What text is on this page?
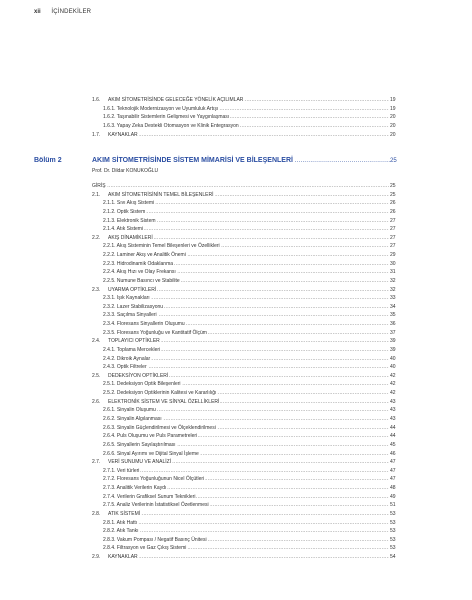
xii İÇİNDEKİLER
1.6. ..... AKIM SİTOMETRİSİNDE GELECEĞE YÖNELİK AÇILIMLAR	19
.....
1.6.1. Teknolojik Modernizasyon ve Uyumluluk Artışı	19
.....
1.6.2. Taşınabilir Sistemlerin Gelişmesi ve Yaygınlaşması	20
.....
1.6.3. Yapay Zeka Destekli Otomasyon ve Klinik Entegrasyon	20
1.7. ..... KAYNAKLAR	20
Bölüm 2 .....	AKIM SİTOMETRİSİNDE SİSTEM MİMARİSİ VE BİLEŞENLERİ	25
Prof. Dr. Dildar KONUKOĞLU
.....
GİRİŞ	25
2.1. ..... AKIM SİTOMETRİSİNİN TEMEL BİLEŞENLERİ	25
.....
2.1.1. Sıvı Akış Sistemi	26
.....
2.1.2. Optik Sistem	26
.....
2.1.3. Elektronik Sistem	27
.....
2.1.4. Atık Sistemi	27
2.2. ..... AKIŞ DİNAMİKLERİ	27
.....
2.2.1. Akış Sisteminin Temel Bileşenleri ve Özellikleri	27
.....
2.2.2. Laminer Akış ve Analitik Önemi	29
.....
2.2.3. Hidrodinamik Odaklanma	30
.....
2.2.4. Akış Hızı ve Olay Frekansı	31
.....
2.2.5. Numune Basıncı ve Stabilite	32
2.3. ..... UYARMA OPTİKLERİ	32
.....
2.3.1. Işık Kaynakları	33
.....
2.3.2. Lazer Stabilizasyonu	34
.....
2.3.3. Saçılma Sinyalleri	35
.....
2.3.4. Floresans Sinyallerin Oluşumu	36
.....
2.3.5. Floresans Yoğunluğu ve Kantitatif Ölçüm	37
2.4. ..... TOPLAYICI OPTİKLER	39
.....
2.4.1. Toplama Mercekleri	39
.....
2.4.2. Dikroik Aynalar	40
.....
2.4.3. Optik Filtreler	40
2.5. ..... DEDEKSİYON OPTİKLERİ	42
.....
2.5.1. Dedeksiyon Optik Bileşenleri	42
.....
2.5.2. Dedeksiyon Optiklerinin Kalitesi ve Kararlılığı	42
2.6. ..... ELEKTRONİK SİSTEM VE SİNYAL ÖZELLİKLERİ	43
.....
2.6.1. Sinyalin Oluşumu	43
.....
2.6.2. Sinyalin Algılanması	43
.....
2.6.3. Sinyalin Güçlendirilmesi ve Ölçeklendirilmesi	44
.....
2.6.4. Puls Oluşumu ve Puls Parametreleri	44
.....
2.6.5. Sinyallerin Sayılaştırılması	45
.....
2.6.6. Sinyal Ayırımı ve Dijital Sinyal İşleme	46
2.7. ..... VERİ SUNUMU VE ANALİZİ	47
.....
2.7.1. Veri türleri	47
.....
2.7.2. Floresans Yoğunluğunun Nicel Ölçütleri	47
.....
2.7.3. Analitik Verilerin Kaydı	48
.....
2.7.4. Verilerin Grafiksel Sunum Teknikleri	49
.....
2.7.5. Analiz Verilerinin İstatistiksel Özetlenmesi	51
2.8. ..... ATIK SİSTEMİ	53
.....
2.8.1. Atık Hattı	53
.....
2.8.2. Atık Tankı	53
.....
2.8.3. Vakum Pompası / Negatif Basınç Ünitesi	53
.....
2.8.4. Filtrasyon ve Gaz Çıkış Sistemi	53
2.9. ..... KAYNAKLAR	54
